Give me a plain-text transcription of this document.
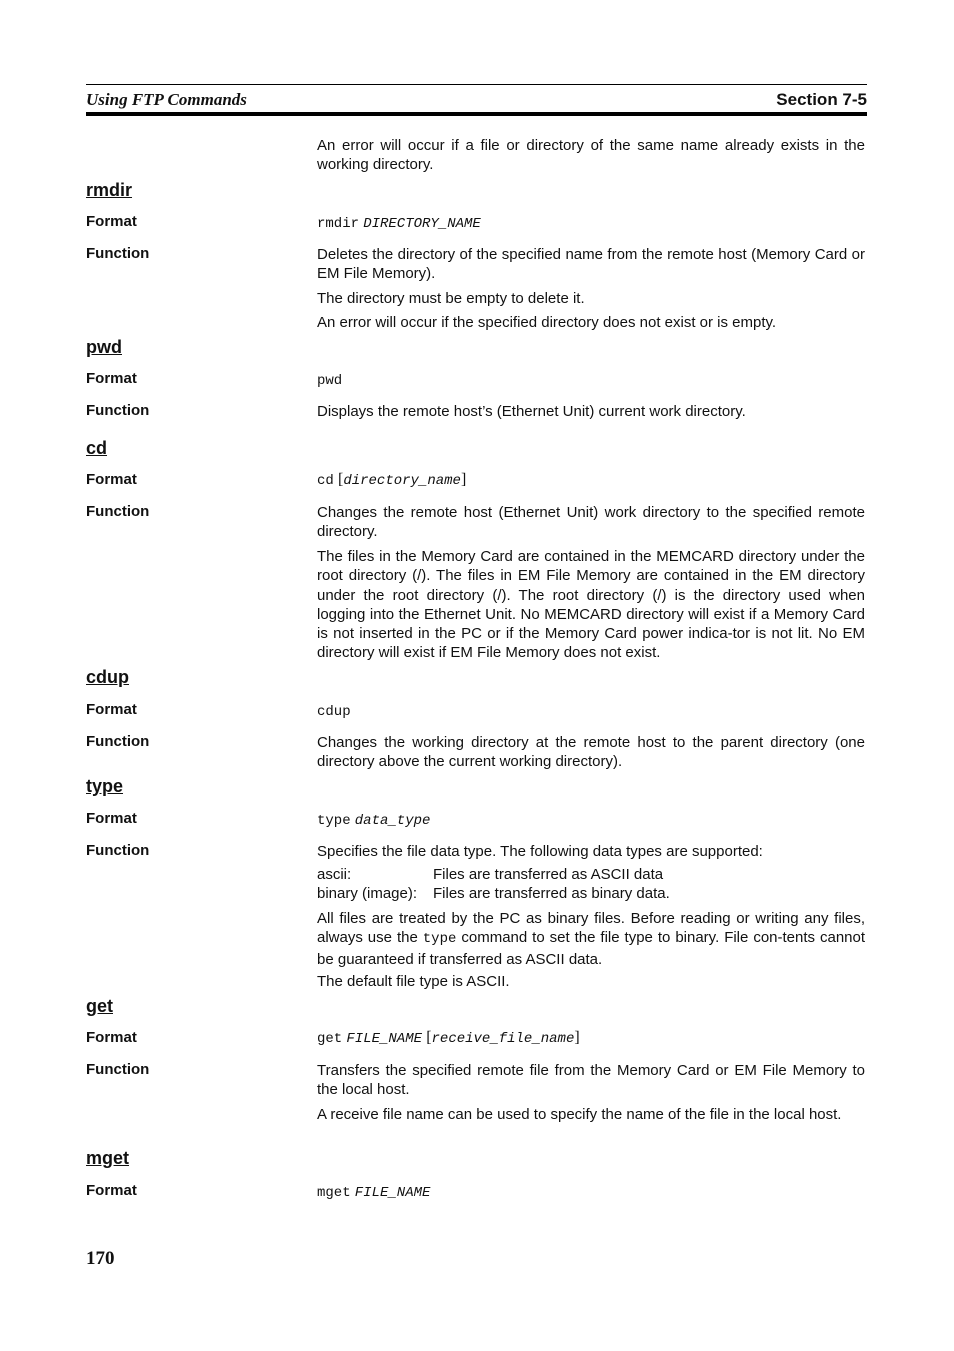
Using FTP Commands	Section 7-5

An error will occur if a file or directory of the same name already exists in the working directory.

rmdir
Format	rmdir DIRECTORY_NAME
Function	Deletes the directory of the specified name from the remote host (Memory Card or EM File Memory).

The directory must be empty to delete it.

An error will occur if the specified directory does not exist or is empty.

pwd
Format	pwd
Function	Displays the remote host’s (Ethernet Unit) current work directory.

cd
Format	cd [directory_name]
Function	Changes the remote host (Ethernet Unit) work directory to the specified remote directory.

The files in the Memory Card are contained in the MEMCARD directory under the root directory (/). The files in EM File Memory are contained in the EM directory under the root directory (/). The root directory (/) is the directory used when logging into the Ethernet Unit. No MEMCARD directory will exist if a Memory Card is not inserted in the PC or if the Memory Card power indica-tor is not lit. No EM directory will exist if EM File Memory does not exist.

cdup
Format	cdup
Function	Changes the working directory at the remote host to the parent directory (one directory above the current working directory).

type
Format	type data_type
Function	Specifies the file data type. The following data types are supported:

ascii:	Files are transferred as ASCII data
binary (image): Files are transferred as binary data.

All files are treated by the PC as binary files. Before reading or writing any files, always use the type command to set the file type to binary. File con-tents cannot be guaranteed if transferred as ASCII data.

The default file type is ASCII.

get
Format	get FILE_NAME [receive_file_name]
Function	Transfers the specified remote file from the Memory Card or EM File Memory to the local host.

A receive file name can be used to specify the name of the file in the local host.

mget
Format	mget FILE_NAME
170
